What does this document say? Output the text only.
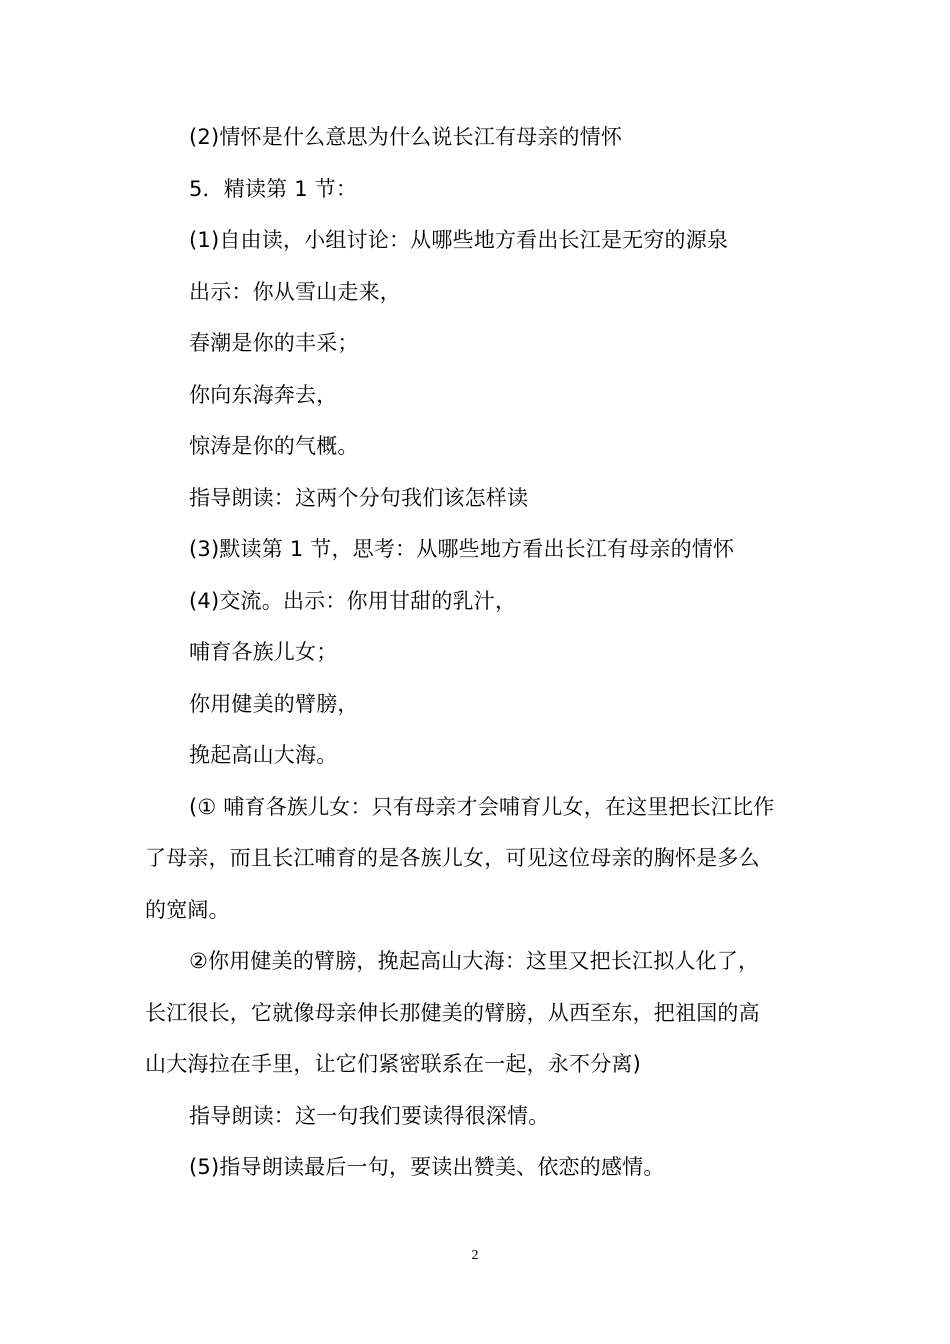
(2)情怀是什么意思为什么说长江有母亲的情怀
5．精读第 1 节：
(1)自由读，小组讨论：从哪些地方看出长江是无穷的源泉
出示：你从雪山走来，
春潮是你的丰采；
你向东海奔去，
惊涛是你的气概。
指导朗读：这两个分句我们该怎样读
(3)默读第 1 节，思考：从哪些地方看出长江有母亲的情怀
(4)交流。出示：你用甘甜的乳汁，
哺育各族儿女；
你用健美的臂膀，
挽起高山大海。
(① 哺育各族儿女：只有母亲才会哺育儿女，在这里把长江比作
了母亲，而且长江哺育的是各族儿女，可见这位母亲的胸怀是多么
的宽阔。
②你用健美的臂膀，挽起高山大海：这里又把长江拟人化了，
长江很长，它就像母亲伸长那健美的臂膀，从西至东，把祖国的高
山大海拉在手里，让它们紧密联系在一起，永不分离)
指导朗读：这一句我们要读得很深情。
(5)指导朗读最后一句，要读出赞美、依恋的感情。
2
